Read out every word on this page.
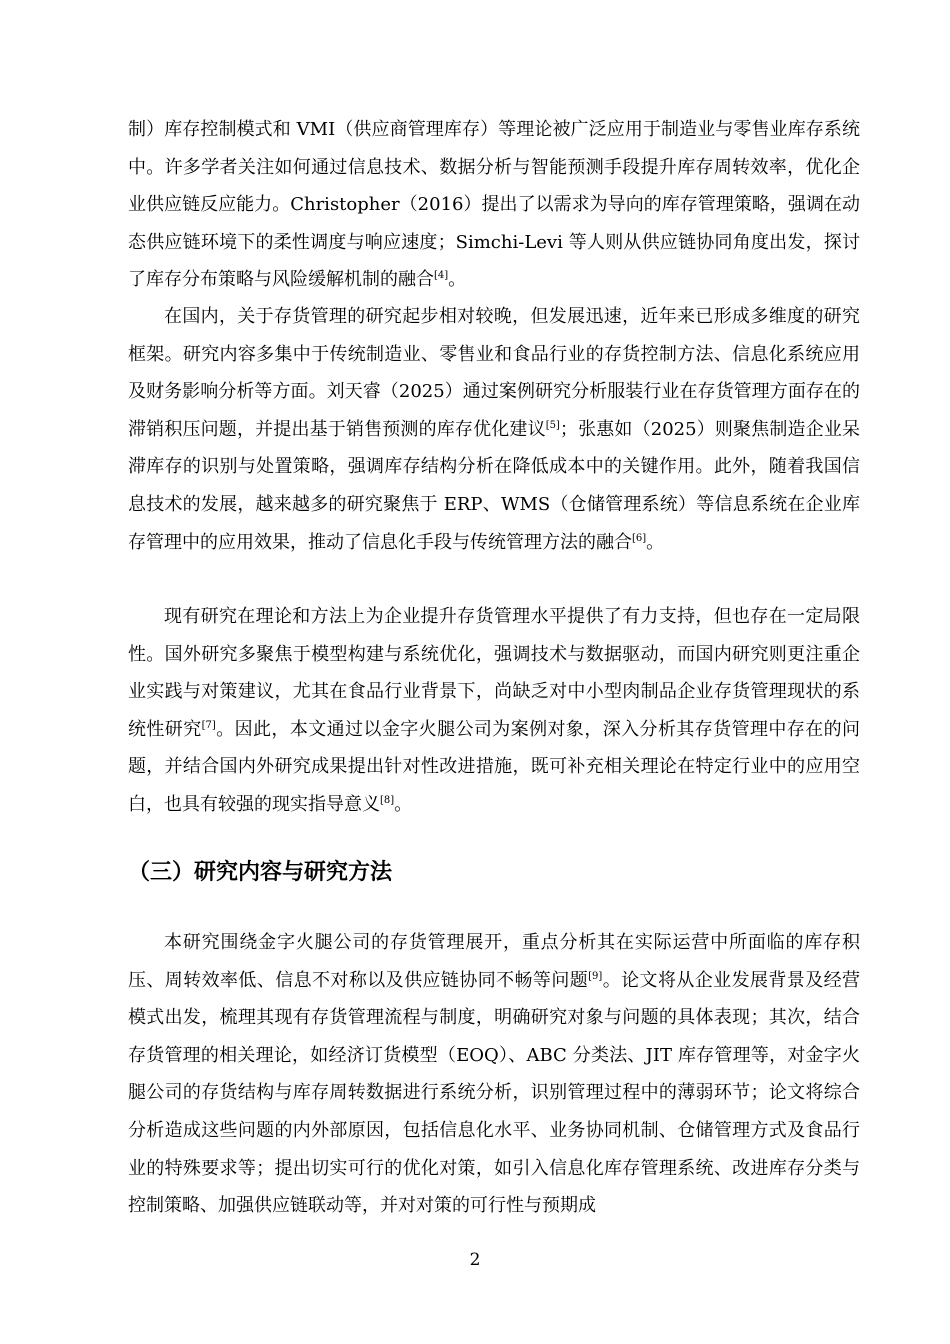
制）库存控制模式和 VMI（供应商管理库存）等理论被广泛应用于制造业与零售业库存系统中。许多学者关注如何通过信息技术、数据分析与智能预测手段提升库存周转效率，优化企业供应链反应能力。Christopher（2016）提出了以需求为导向的库存管理策略，强调在动态供应链环境下的柔性调度与响应速度；Simchi-Levi 等人则从供应链协同角度出发，探讨了库存分布策略与风险缓解机制的融合[4]。

在国内，关于存货管理的研究起步相对较晚，但发展迅速，近年来已形成多维度的研究框架。研究内容多集中于传统制造业、零售业和食品行业的存货控制方法、信息化系统应用及财务影响分析等方面。刘天睿（2025）通过案例研究分析服装行业在存货管理方面存在的滞销积压问题，并提出基于销售预测的库存优化建议[5]；张惠如（2025）则聚焦制造企业呆滞库存的识别与处置策略，强调库存结构分析在降低成本中的关键作用。此外，随着我国信息技术的发展，越来越多的研究聚焦于 ERP、WMS（仓储管理系统）等信息系统在企业库存管理中的应用效果，推动了信息化手段与传统管理方法的融合[6]。

现有研究在理论和方法上为企业提升存货管理水平提供了有力支持，但也存在一定局限性。国外研究多聚焦于模型构建与系统优化，强调技术与数据驱动，而国内研究则更注重企业实践与对策建议，尤其在食品行业背景下，尚缺乏对中小型肉制品企业存货管理现状的系统性研究[7]。因此，本文通过以金字火腿公司为案例对象，深入分析其存货管理中存在的问题，并结合国内外研究成果提出针对性改进措施，既可补充相关理论在特定行业中的应用空白，也具有较强的现实指导意义[8]。

（三）研究内容与研究方法

本研究围绕金字火腿公司的存货管理展开，重点分析其在实际运营中所面临的库存积压、周转效率低、信息不对称以及供应链协同不畅等问题[9]。论文将从企业发展背景及经营模式出发，梳理其现有存货管理流程与制度，明确研究对象与问题的具体表现；其次，结合存货管理的相关理论，如经济订货模型（EOQ）、ABC 分类法、JIT 库存管理等，对金字火腿公司的存货结构与库存周转数据进行系统分析，识别管理过程中的薄弱环节；论文将综合分析造成这些问题的内外部原因，包括信息化水平、业务协同机制、仓储管理方式及食品行业的特殊要求等；提出切实可行的优化对策，如引入信息化库存管理系统、改进库存分类与控制策略、加强供应链联动等，并对对策的可行性与预期成

2
